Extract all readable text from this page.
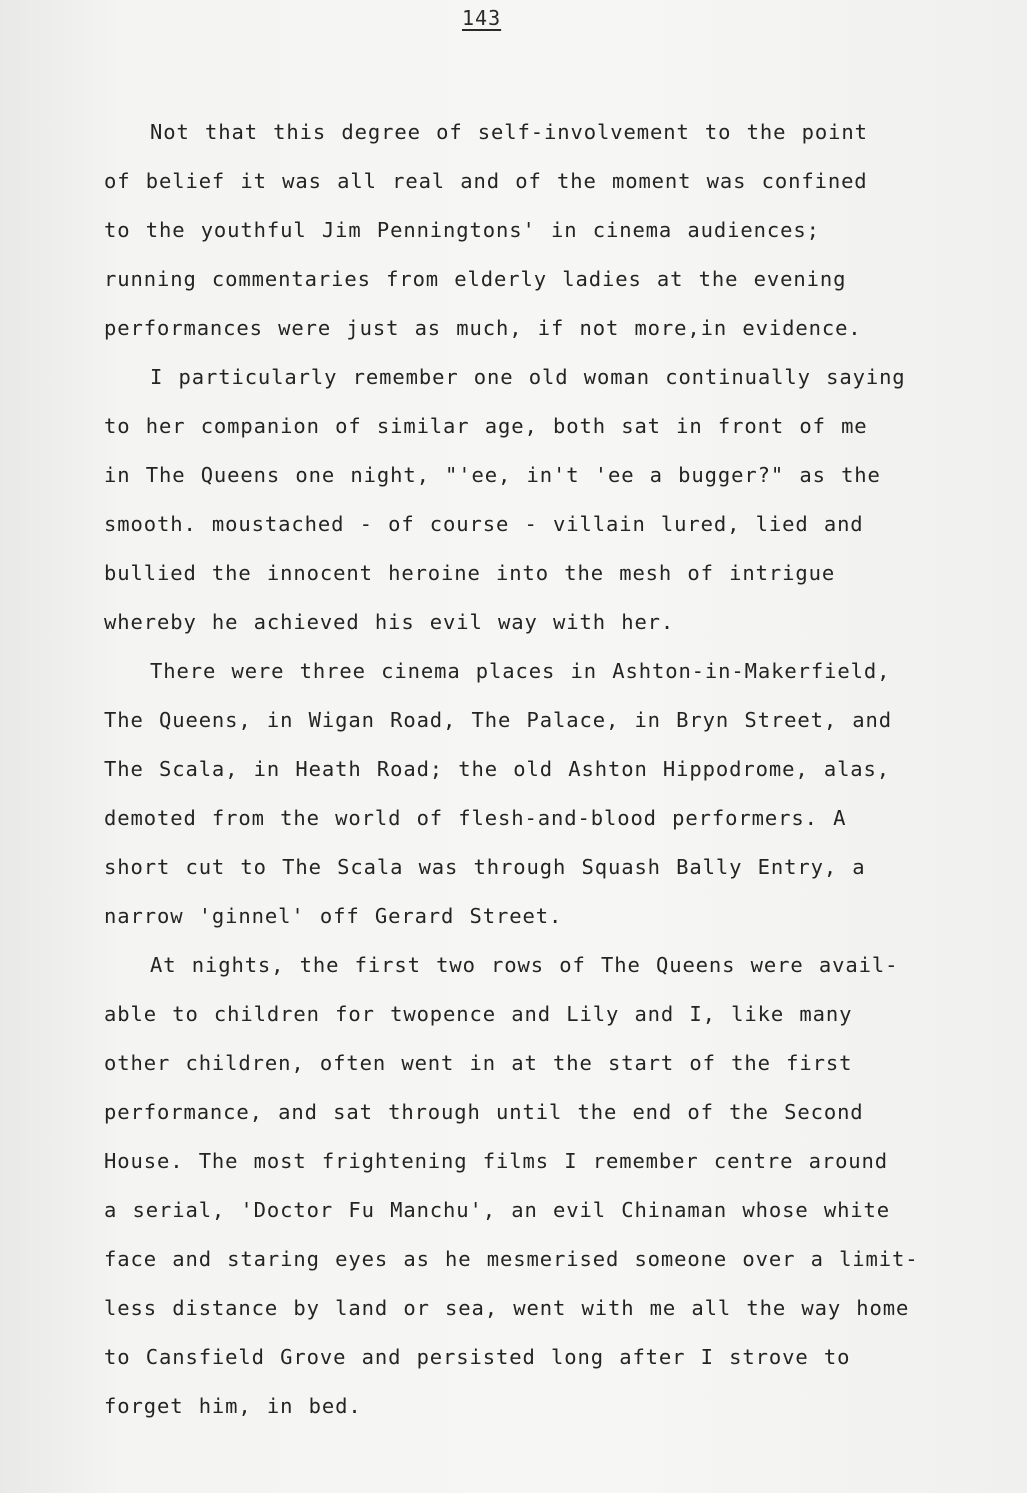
143

Not that this degree of self-involvement to the point
of belief it was all real and of the moment was confined
to the youthful Jim Penningtons' in cinema audiences;
running commentaries from elderly ladies at the evening
performances were just as much, if not more,in evidence.

I particularly remember one old woman continually saying
to her companion of similar age, both sat in front of me
in The Queens one night, "'ee, in't 'ee a bugger?" as the
smooth. moustached - of course - villain lured, lied and
bullied the innocent heroine into the mesh of intrigue
whereby he achieved his evil way with her.

There were three cinema places in Ashton-in-Makerfield,
The Queens, in Wigan Road, The Palace, in Bryn Street, and
The Scala, in Heath Road; the old Ashton Hippodrome, alas,
demoted from the world of flesh-and-blood performers. A
short cut to The Scala was through Squash Bally Entry, a
narrow 'ginnel' off Gerard Street.

At nights, the first two rows of The Queens were avail-
able to children for twopence and Lily and I, like many
other children, often went in at the start of the first
performance, and sat through until the end of the Second
House. The most frightening films I remember centre around
a serial, 'Doctor Fu Manchu', an evil Chinaman whose white
face and staring eyes as he mesmerised someone over a limit-
less distance by land or sea, went with me all the way home
to Cansfield Grove and persisted long after I strove to
forget him, in bed.
